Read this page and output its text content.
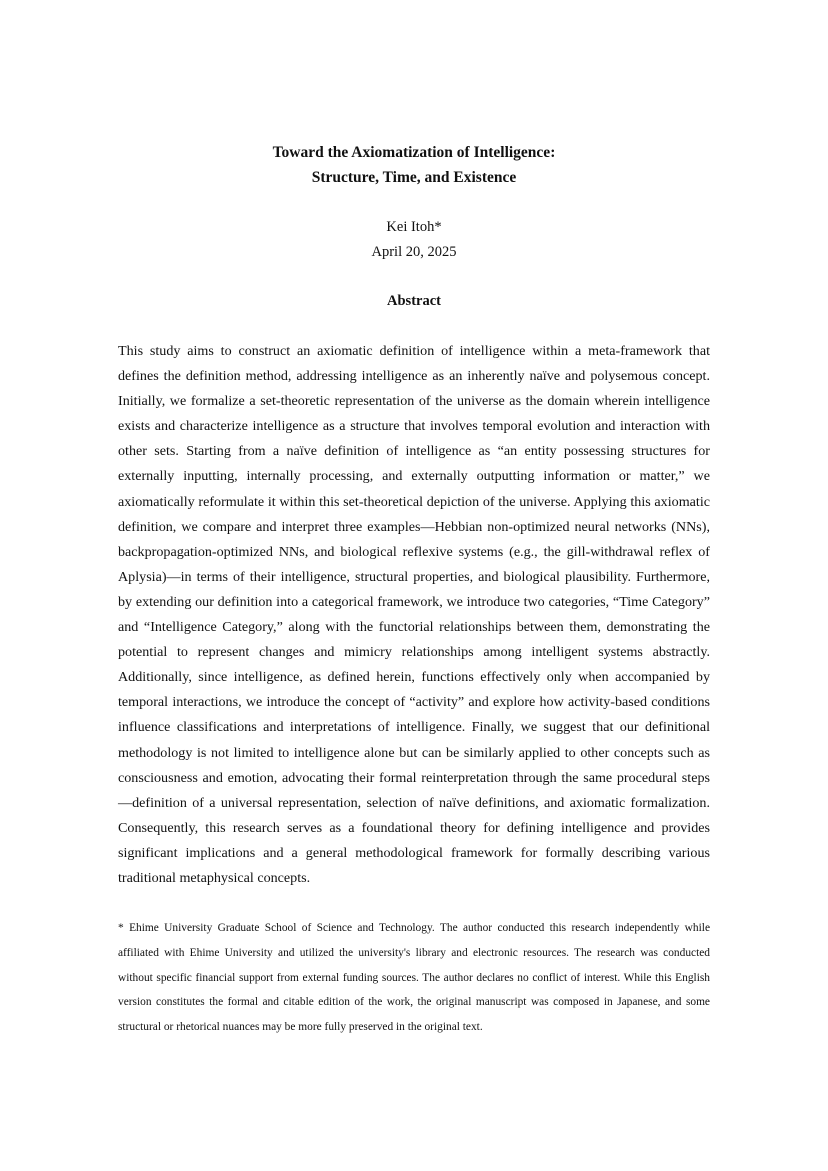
Toward the Axiomatization of Intelligence:
Structure, Time, and Existence
Kei Itoh*
April 20, 2025
Abstract

This study aims to construct an axiomatic definition of intelligence within a meta-framework that defines the definition method, addressing intelligence as an inherently naïve and polysemous concept. Initially, we formalize a set-theoretic representation of the universe as the domain wherein intelligence exists and characterize intelligence as a structure that involves temporal evolution and interaction with other sets. Starting from a naïve definition of intelligence as “an entity possessing structures for externally inputting, internally processing, and externally outputting information or matter,” we axiomatically reformulate it within this set-theoretical depiction of the universe. Applying this axiomatic definition, we compare and interpret three examples—Hebbian non-optimized neural networks (NNs), backpropagation-optimized NNs, and biological reflexive systems (e.g., the gill-withdrawal reflex of Aplysia)—in terms of their intelligence, structural properties, and biological plausibility. Furthermore, by extending our definition into a categorical framework, we introduce two categories, “Time Category” and “Intelligence Category,” along with the functorial relationships between them, demonstrating the potential to represent changes and mimicry relationships among intelligent systems abstractly. Additionally, since intelligence, as defined herein, functions effectively only when accompanied by temporal interactions, we introduce the concept of “activity” and explore how activity-based conditions influence classifications and interpretations of intelligence. Finally, we suggest that our definitional methodology is not limited to intelligence alone but can be similarly applied to other concepts such as consciousness and emotion, advocating their formal reinterpretation through the same procedural steps—definition of a universal representation, selection of naïve definitions, and axiomatic formalization. Consequently, this research serves as a foundational theory for defining intelligence and provides significant implications and a general methodological framework for formally describing various traditional metaphysical concepts.

* Ehime University Graduate School of Science and Technology. The author conducted this research independently while affiliated with Ehime University and utilized the university's library and electronic resources. The research was conducted without specific financial support from external funding sources. The author declares no conflict of interest. While this English version constitutes the formal and citable edition of the work, the original manuscript was composed in Japanese, and some structural or rhetorical nuances may be more fully preserved in the original text.
